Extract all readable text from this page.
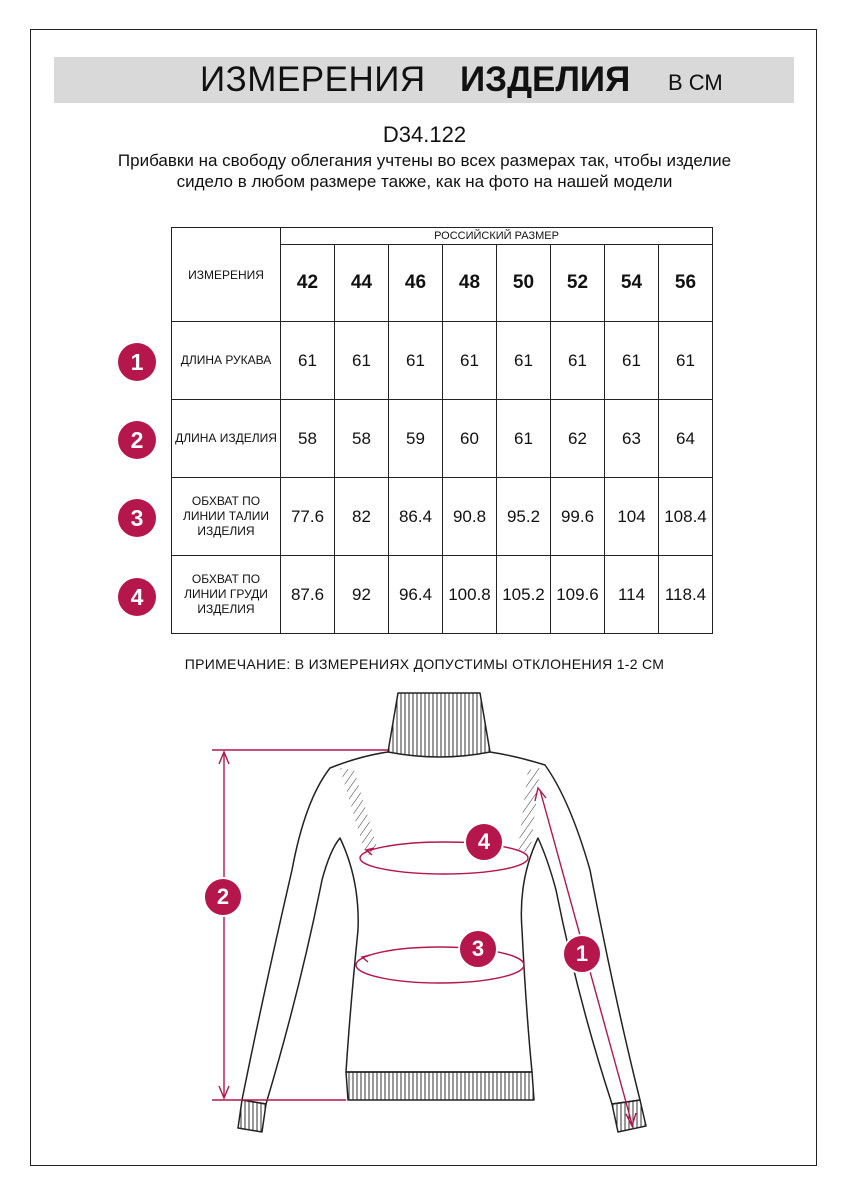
ИЗМЕРЕНИЯ ИЗДЕЛИЯ В СМ
D34.122
Прибавки на свободу облегания учтены во всех размерах так, чтобы изделие сидело в любом размере также, как на фото на нашей модели
ИЗМЕРЕНИЯ	РОССИЙСКИЙ РАЗМЕР							
	42	44	46	48	50	52	54	56
ДЛИНА РУКАВА	61	61	61	61	61	61	61	61
ДЛИНА ИЗДЕЛИЯ	58	58	59	60	61	62	63	64
ОБХВАТ ПО ЛИНИИ ТАЛИИ ИЗДЕЛИЯ	77.6	82	86.4	90.8	95.2	99.6	104	108.4
ОБХВАТ ПО ЛИНИИ ГРУДИ ИЗДЕЛИЯ	87.6	92	96.4	100.8	105.2	109.6	114	118.4
1
2
3
4
ПРИМЕЧАНИЕ: В ИЗМЕРЕНИЯХ ДОПУСТИМЫ ОТКЛОНЕНИЯ 1-2 СМ
2
4
3	1
